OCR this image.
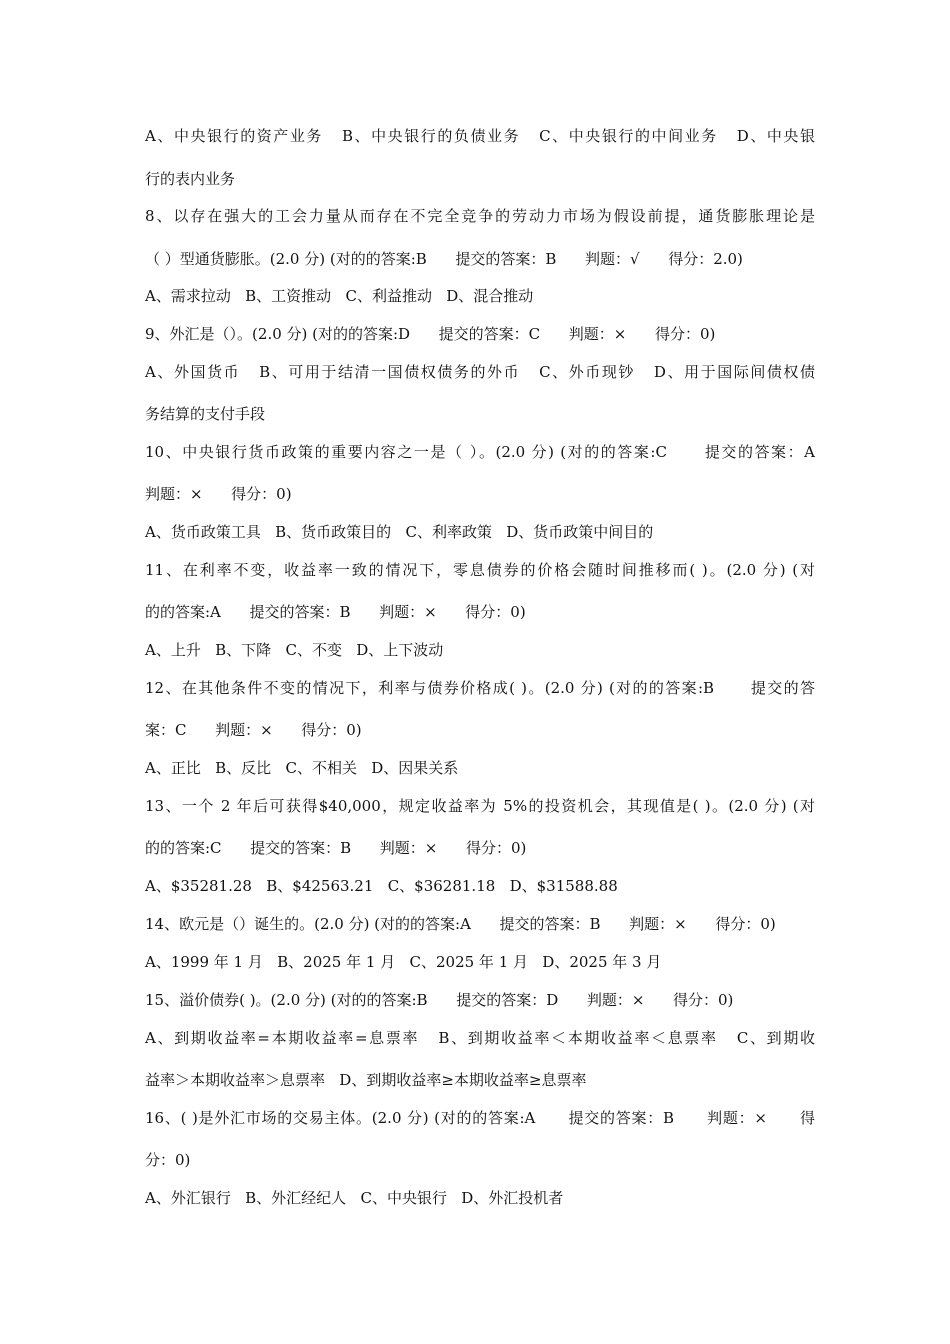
A、中央银行的资产业务   B、中央银行的负债业务   C、中央银行的中间业务   D、中央银

行的表内业务

8、以存在强大的工会力量从而存在不完全竞争的劳动力市场为假设前提，通货膨胀理论是

（ ）型通货膨胀。(2.0 分) (对的的答案:B      提交的答案：B      判题：√      得分：2.0)

A、需求拉动   B、工资推动   C、利益推动   D、混合推动

9、外汇是（）。(2.0 分) (对的的答案:D      提交的答案：C      判题：×      得分：0)

A、外国货币   B、可用于结清一国债权债务的外币   C、外币现钞   D、用于国际间债权债

务结算的支付手段

10、中央银行货币政策的重要内容之一是（ ）。(2.0 分) (对的的答案:C      提交的答案：A

判题：×      得分：0)

A、货币政策工具   B、货币政策目的   C、利率政策   D、货币政策中间目的

11、在利率不变，收益率一致的情况下，零息债券的价格会随时间推移而( )。(2.0 分) (对

的的答案:A      提交的答案：B      判题：×      得分：0)

A、上升   B、下降   C、不变   D、上下波动

12、在其他条件不变的情况下，利率与债券价格成( )。(2.0 分) (对的的答案:B      提交的答

案：C      判题：×      得分：0)

A、正比   B、反比   C、不相关   D、因果关系

13、一个 2 年后可获得$40,000，规定收益率为 5%的投资机会，其现值是( )。(2.0 分) (对

的的答案:C      提交的答案：B      判题：×      得分：0)

A、$35281.28   B、$42563.21   C、$36281.18   D、$31588.88

14、欧元是（）诞生的。(2.0 分) (对的的答案:A      提交的答案：B      判题：×      得分：0)

A、1999 年 1 月   B、2025 年 1 月   C、2025 年 1 月   D、2025 年 3 月

15、溢价债券( )。(2.0 分) (对的的答案:B      提交的答案：D      判题：×      得分：0)

A、到期收益率=本期收益率=息票率   B、到期收益率＜本期收益率＜息票率   C、到期收

益率＞本期收益率＞息票率   D、到期收益率≥本期收益率≥息票率

16、( )是外汇市场的交易主体。(2.0 分) (对的的答案:A      提交的答案：B      判题：×      得

分：0)

A、外汇银行   B、外汇经纪人   C、中央银行   D、外汇投机者
